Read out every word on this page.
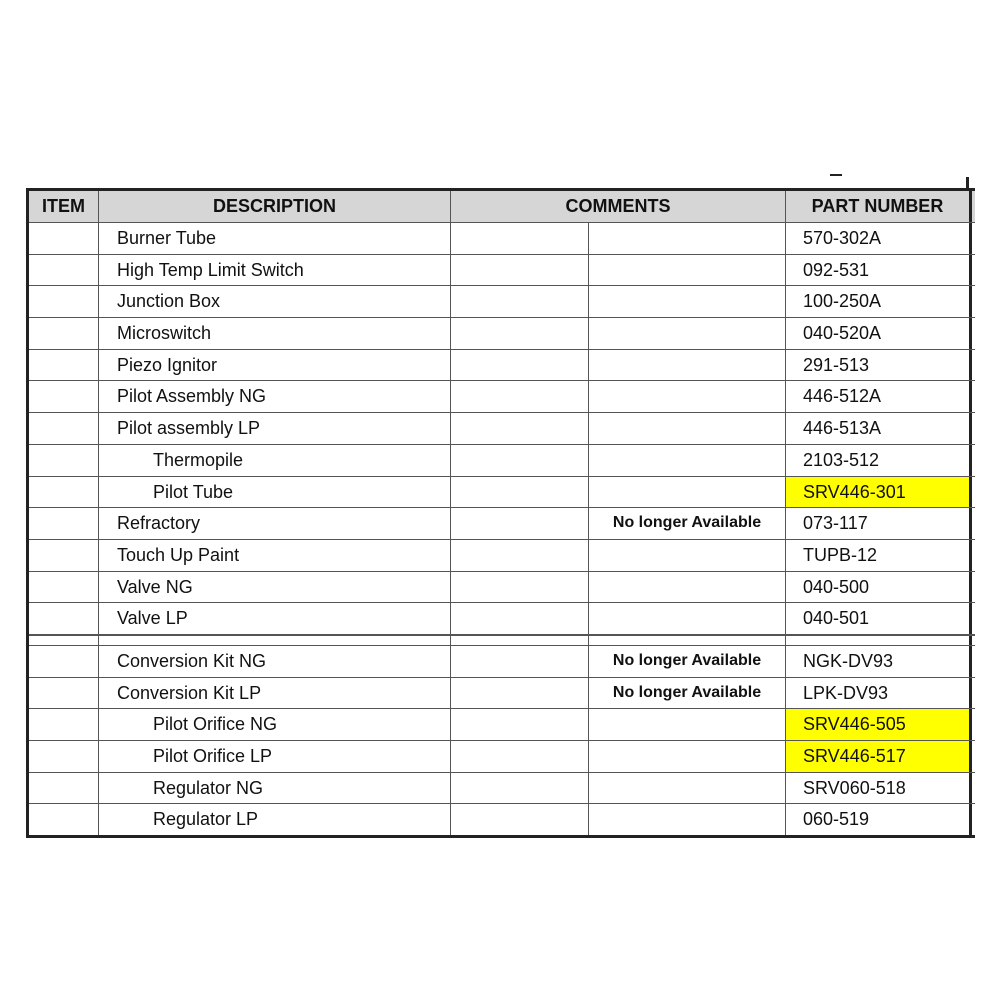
ITEM	DESCRIPTION	COMMENTS	PART NUMBER
Burner Tube	570-302A
High Temp Limit Switch	092-531
Junction Box	100-250A
Microswitch	040-520A
Piezo Ignitor	291-513
Pilot Assembly NG	446-512A
Pilot assembly LP	446-513A
Thermopile	2103-512
Pilot Tube	SRV446-301
Refractory	No longer Available	073-117
Touch Up Paint	TUPB-12
Valve NG	040-500
Valve LP	040-501
Conversion Kit NG	No longer Available	NGK-DV93
Conversion Kit LP	No longer Available	LPK-DV93
Pilot Orifice NG	SRV446-505
Pilot Orifice LP	SRV446-517
Regulator NG	SRV060-518
Regulator LP	060-519
